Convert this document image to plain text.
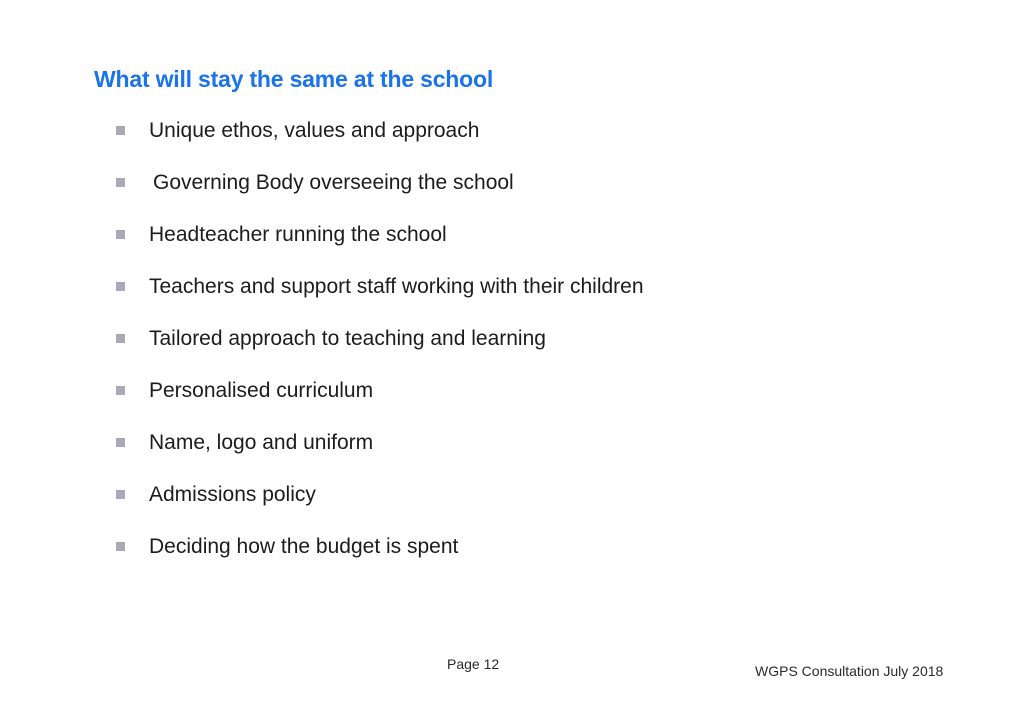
What will stay the same at the school
Unique ethos, values and approach
Governing Body overseeing the school
Headteacher running the school
Teachers and support staff working with their children
Tailored approach to teaching and learning
Personalised curriculum
Name, logo and uniform
Admissions policy
Deciding how the budget is spent
Page 12	WGPS Consultation July 2018
